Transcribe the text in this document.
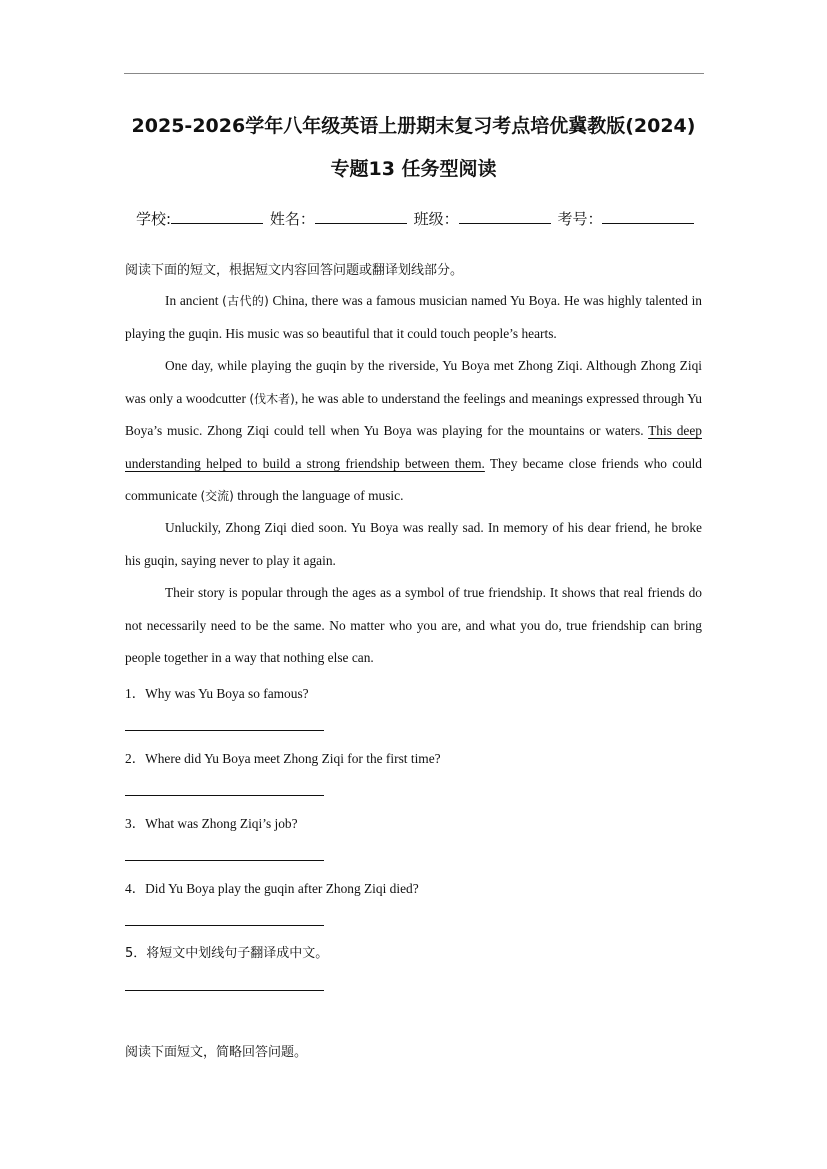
2025-2026学年八年级英语上册期末复习考点培优冀教版(2024)
专题13 任务型阅读
学校:	姓名：	班级：	考号：
阅读下面的短文，根据短文内容回答问题或翻译划线部分。
In ancient (古代的) China, there was a famous musician named Yu Boya. He was highly talented in playing the guqin. His music was so beautiful that it could touch people’s hearts.
One day, while playing the guqin by the riverside, Yu Boya met Zhong Ziqi. Although Zhong Ziqi was only a woodcutter (伐木者), he was able to understand the feelings and meanings expressed through Yu Boya’s music. Zhong Ziqi could tell when Yu Boya was playing for the mountains or waters. This deep understanding helped to build a strong friendship between them. They became close friends who could communicate (交流) through the language of music.
Unluckily, Zhong Ziqi died soon. Yu Boya was really sad. In memory of his dear friend, he broke his guqin, saying never to play it again.
Their story is popular through the ages as a symbol of true friendship. It shows that real friends do not necessarily need to be the same. No matter who you are, and what you do, true friendship can bring people together in a way that nothing else can.
1．Why was Yu Boya so famous?
2．Where did Yu Boya meet Zhong Ziqi for the first time?
3．What was Zhong Ziqi’s job?
4．Did Yu Boya play the guqin after Zhong Ziqi died?
5．将短文中划线句子翻译成中文。
阅读下面短文，简略回答问题。
